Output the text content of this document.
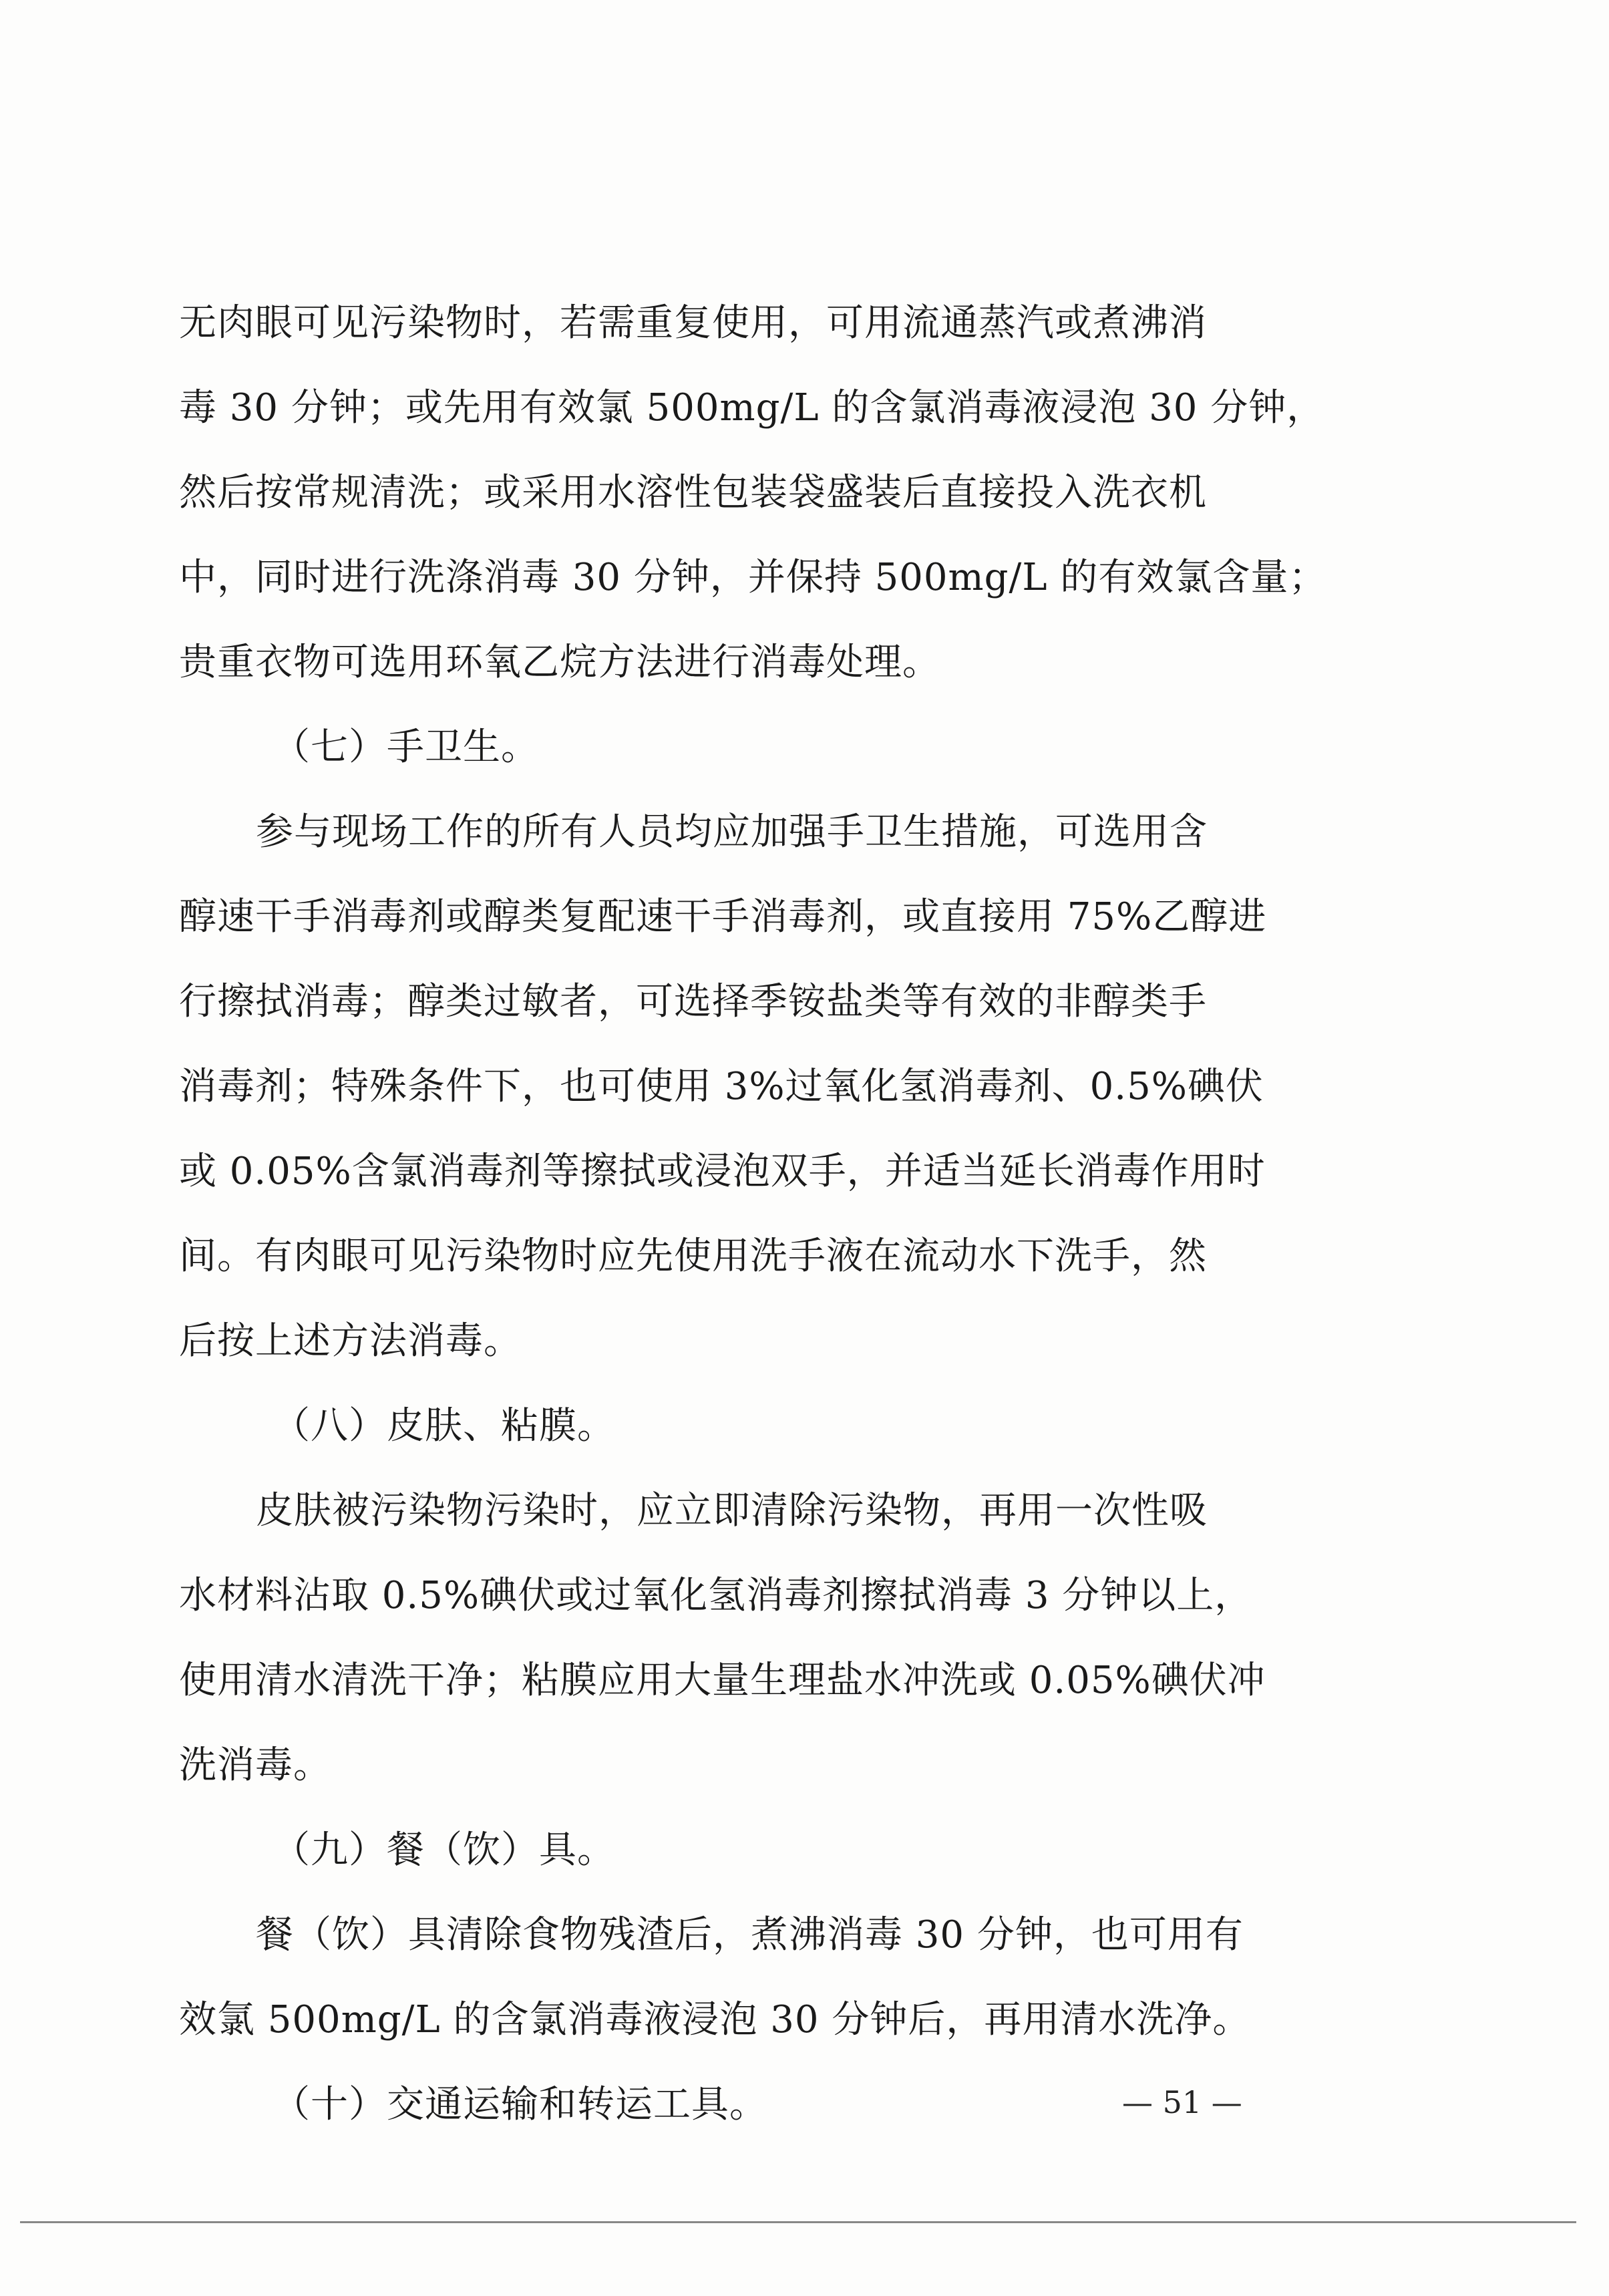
无肉眼可见污染物时，若需重复使用，可用流通蒸汽或煮沸消
毒 30 分钟；或先用有效氯 500mg/L 的含氯消毒液浸泡 30 分钟，
然后按常规清洗；或采用水溶性包装袋盛装后直接投入洗衣机
中，同时进行洗涤消毒 30 分钟，并保持 500mg/L 的有效氯含量；
贵重衣物可选用环氧乙烷方法进行消毒处理。
（七）手卫生。
参与现场工作的所有人员均应加强手卫生措施，可选用含
醇速干手消毒剂或醇类复配速干手消毒剂，或直接用 75%乙醇进
行擦拭消毒；醇类过敏者，可选择季铵盐类等有效的非醇类手
消毒剂；特殊条件下，也可使用 3%过氧化氢消毒剂、0.5%碘伏
或 0.05%含氯消毒剂等擦拭或浸泡双手，并适当延长消毒作用时
间。有肉眼可见污染物时应先使用洗手液在流动水下洗手，然
后按上述方法消毒。
（八）皮肤、粘膜。
皮肤被污染物污染时，应立即清除污染物，再用一次性吸
水材料沾取 0.5%碘伏或过氧化氢消毒剂擦拭消毒 3 分钟以上，
使用清水清洗干净；粘膜应用大量生理盐水冲洗或 0.05%碘伏冲
洗消毒。
（九）餐（饮）具。
餐（饮）具清除食物残渣后，煮沸消毒 30 分钟，也可用有
效氯 500mg/L 的含氯消毒液浸泡 30 分钟后，再用清水洗净。
（十）交通运输和转运工具。	— 51 —
